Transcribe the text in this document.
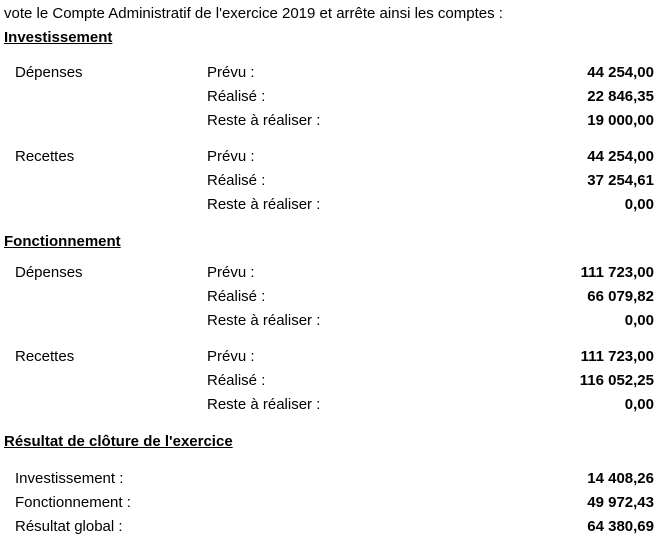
vote le Compte Administratif de l'exercice 2019 et arrête ainsi les comptes :
Investissement
Dépenses	Prévu :	44 254,00
Réalisé :	22 846,35
Reste à réaliser :	19 000,00
Recettes	Prévu :	44 254,00
Réalisé :	37 254,61
Reste à réaliser :	0,00
Fonctionnement
Dépenses	Prévu :	111 723,00
Réalisé :	66 079,82
Reste à réaliser :	0,00
Recettes	Prévu :	111 723,00
Réalisé :	116 052,25
Reste à réaliser :	0,00
Résultat de clôture de l'exercice
Investissement :	14 408,26
Fonctionnement :	49 972,43
Résultat global :	64 380,69
